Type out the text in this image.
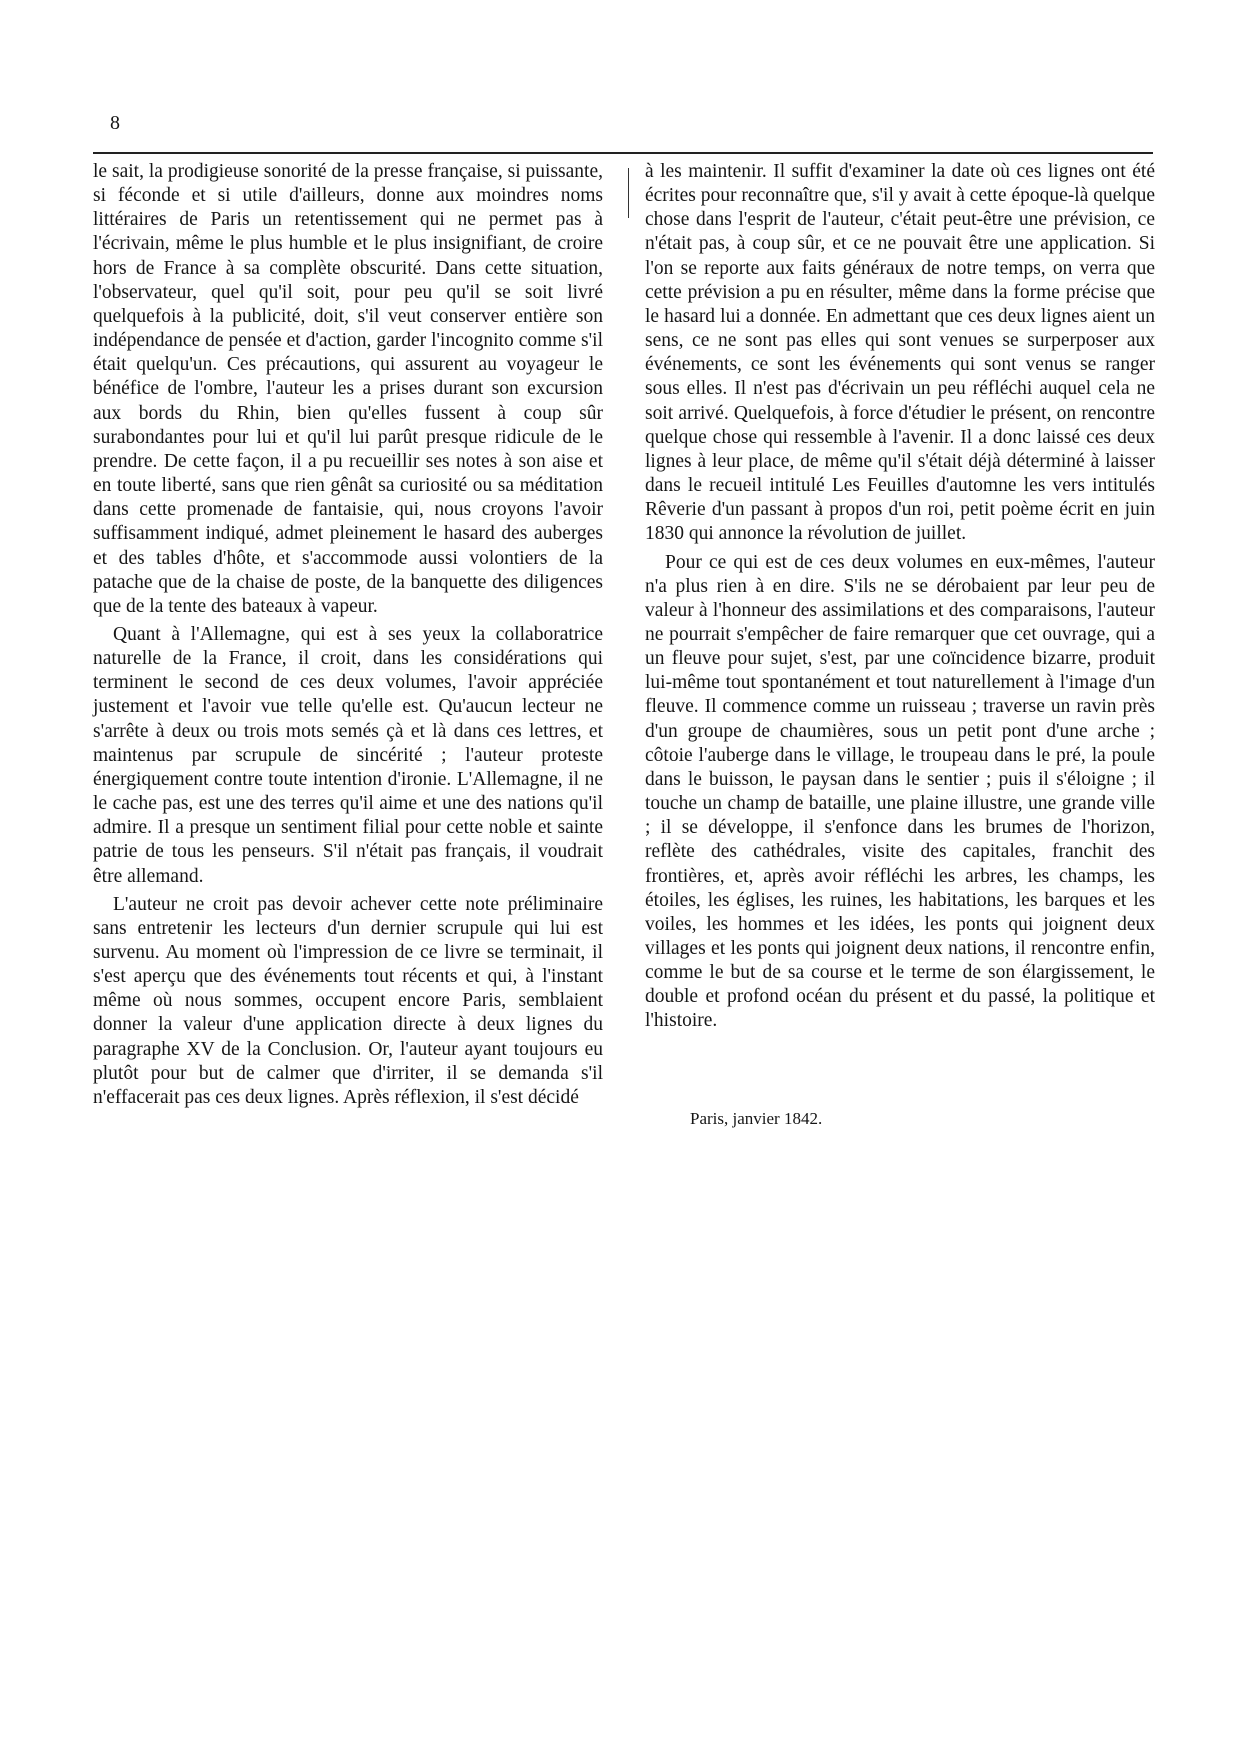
8

le sait, la prodigieuse sonorité de la presse française, si puissante, si féconde et si utile d'ailleurs, donne aux moindres noms littéraires de Paris un retentissement qui ne permet pas à l'écrivain, même le plus humble et le plus insignifiant, de croire hors de France à sa complète obscurité. Dans cette situation, l'observateur, quel qu'il soit, pour peu qu'il se soit livré quelquefois à la publicité, doit, s'il veut conserver entière son indépendance de pensée et d'action, garder l'incognito comme s'il était quelqu'un. Ces précautions, qui assurent au voyageur le bénéfice de l'ombre, l'auteur les a prises durant son excursion aux bords du Rhin, bien qu'elles fussent à coup sûr surabondantes pour lui et qu'il lui parût presque ridicule de le prendre. De cette façon, il a pu recueillir ses notes à son aise et en toute liberté, sans que rien gênât sa curiosité ou sa méditation dans cette promenade de fantaisie, qui, nous croyons l'avoir suffisamment indiqué, admet pleinement le hasard des auberges et des tables d'hôte, et s'accommode aussi volontiers de la patache que de la chaise de poste, de la banquette des diligences que de la tente des bateaux à vapeur.

Quant à l'Allemagne, qui est à ses yeux la collaboratrice naturelle de la France, il croit, dans les considérations qui terminent le second de ces deux volumes, l'avoir appréciée justement et l'avoir vue telle qu'elle est. Qu'aucun lecteur ne s'arrête à deux ou trois mots semés çà et là dans ces lettres, et maintenus par scrupule de sincérité ; l'auteur proteste énergiquement contre toute intention d'ironie. L'Allemagne, il ne le cache pas, est une des terres qu'il aime et une des nations qu'il admire. Il a presque un sentiment filial pour cette noble et sainte patrie de tous les penseurs. S'il n'était pas français, il voudrait être allemand.

L'auteur ne croit pas devoir achever cette note préliminaire sans entretenir les lecteurs d'un dernier scrupule qui lui est survenu. Au moment où l'impression de ce livre se terminait, il s'est aperçu que des événements tout récents et qui, à l'instant même où nous sommes, occupent encore Paris, semblaient donner la valeur d'une application directe à deux lignes du paragraphe XV de la Conclusion. Or, l'auteur ayant toujours eu plutôt pour but de calmer que d'irriter, il se demanda s'il n'effacerait pas ces deux lignes. Après réflexion, il s'est décidé

à les maintenir. Il suffit d'examiner la date où ces lignes ont été écrites pour reconnaître que, s'il y avait à cette époque-là quelque chose dans l'esprit de l'auteur, c'était peut-être une prévision, ce n'était pas, à coup sûr, et ce ne pouvait être une application. Si l'on se reporte aux faits généraux de notre temps, on verra que cette prévision a pu en résulter, même dans la forme précise que le hasard lui a donnée. En admettant que ces deux lignes aient un sens, ce ne sont pas elles qui sont venues se surperposer aux événements, ce sont les événements qui sont venus se ranger sous elles. Il n'est pas d'écrivain un peu réfléchi auquel cela ne soit arrivé. Quelquefois, à force d'étudier le présent, on rencontre quelque chose qui ressemble à l'avenir. Il a donc laissé ces deux lignes à leur place, de même qu'il s'était déjà déterminé à laisser dans le recueil intitulé Les Feuilles d'automne les vers intitulés Rêverie d'un passant à propos d'un roi, petit poème écrit en juin 1830 qui annonce la révolution de juillet.

Pour ce qui est de ces deux volumes en eux-mêmes, l'auteur n'a plus rien à en dire. S'ils ne se dérobaient par leur peu de valeur à l'honneur des assimilations et des comparaisons, l'auteur ne pourrait s'empêcher de faire remarquer que cet ouvrage, qui a un fleuve pour sujet, s'est, par une coïncidence bizarre, produit lui-même tout spontanément et tout naturellement à l'image d'un fleuve. Il commence comme un ruisseau ; traverse un ravin près d'un groupe de chaumières, sous un petit pont d'une arche ; côtoie l'auberge dans le village, le troupeau dans le pré, la poule dans le buisson, le paysan dans le sentier ; puis il s'éloigne ; il touche un champ de bataille, une plaine illustre, une grande ville ; il se développe, il s'enfonce dans les brumes de l'horizon, reflète des cathédrales, visite des capitales, franchit des frontières, et, après avoir réfléchi les arbres, les champs, les étoiles, les églises, les ruines, les habitations, les barques et les voiles, les hommes et les idées, les ponts qui joignent deux villages et les ponts qui joignent deux nations, il rencontre enfin, comme le but de sa course et le terme de son élargissement, le double et profond océan du présent et du passé, la politique et l'histoire.

Paris, janvier 1842.
